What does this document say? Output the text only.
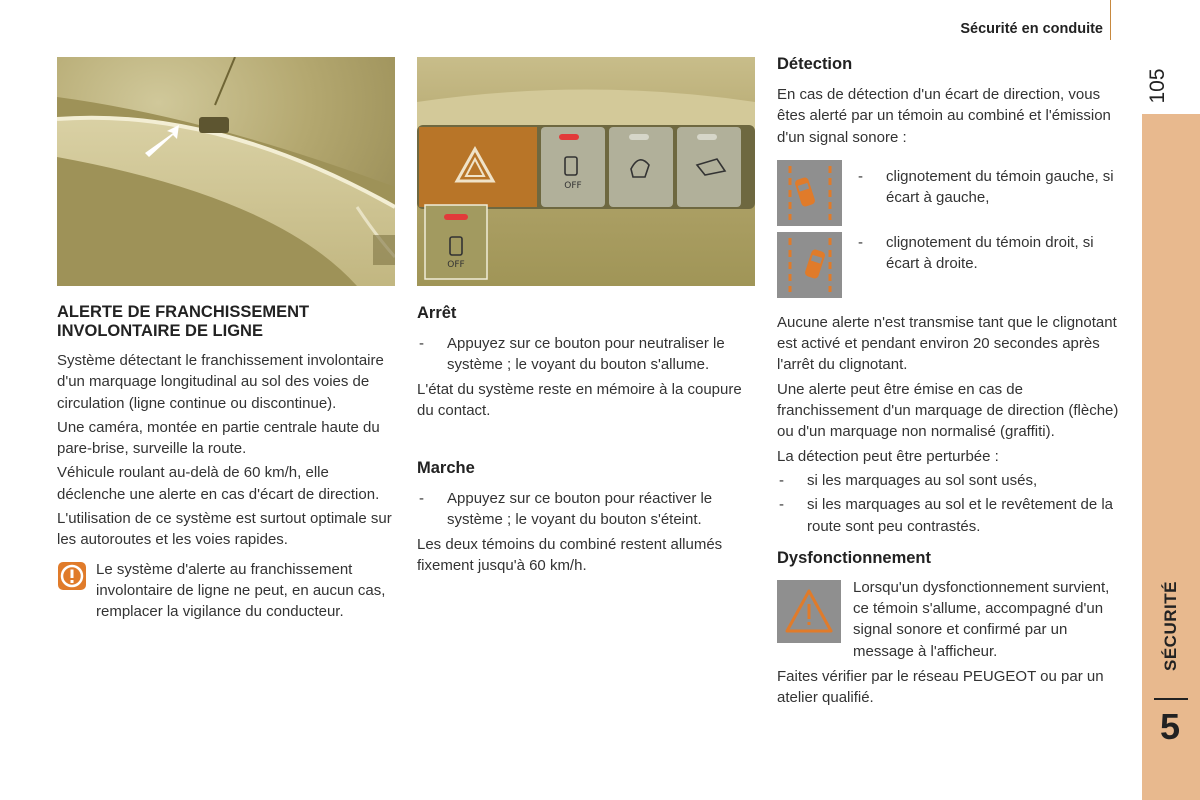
Sécurité en conduite
105
SÉCURITÉ
5
OFF
OFF
ALERTE DE FRANCHISSEMENT INVOLONTAIRE DE LIGNE

Système détectant le franchissement involontaire d'un marquage longitudinal au sol des voies de circulation (ligne continue ou discontinue).

Une caméra, montée en partie centrale haute du pare-brise, surveille la route.

Véhicule roulant au-delà de 60 km/h, elle déclenche une alerte en cas d'écart de direction.

L'utilisation de ce système est surtout optimale sur les autoroutes et les voies rapides.

Le système d'alerte au franchissement involontaire de ligne ne peut, en aucun cas, remplacer la vigilance du conducteur.
Arrêt
-	Appuyez sur ce bouton pour neutraliser le système ; le voyant du bouton s'allume.

L'état du système reste en mémoire à la coupure du contact.

Marche
-	Appuyez sur ce bouton pour réactiver le système ; le voyant du bouton s'éteint.

Les deux témoins du combiné restent allumés fixement jusqu'à 60 km/h.

Détection

En cas de détection d'un écart de direction, vous êtes alerté par un témoin au combiné et l'émission d'un signal sonore :

-	clignotement du témoin gauche, si écart à gauche,
-	clignotement du témoin droit, si écart à droite.

Aucune alerte n'est transmise tant que le clignotant est activé et pendant environ 20 secondes après l'arrêt du clignotant.

Une alerte peut être émise en cas de franchissement d'un marquage de direction (flèche) ou d'un marquage non normalisé (graffiti).

La détection peut être perturbée :

-	si les marquages au sol sont usés,
-	si les marquages au sol et le revêtement de la route sont peu contrastés.
Dysfonctionnement
Lorsqu'un dysfonctionnement survient, ce témoin s'allume, accompagné d'un signal sonore et confirmé par un message à l'afficheur.

Faites vérifier par le réseau PEUGEOT ou par un atelier qualifié.
